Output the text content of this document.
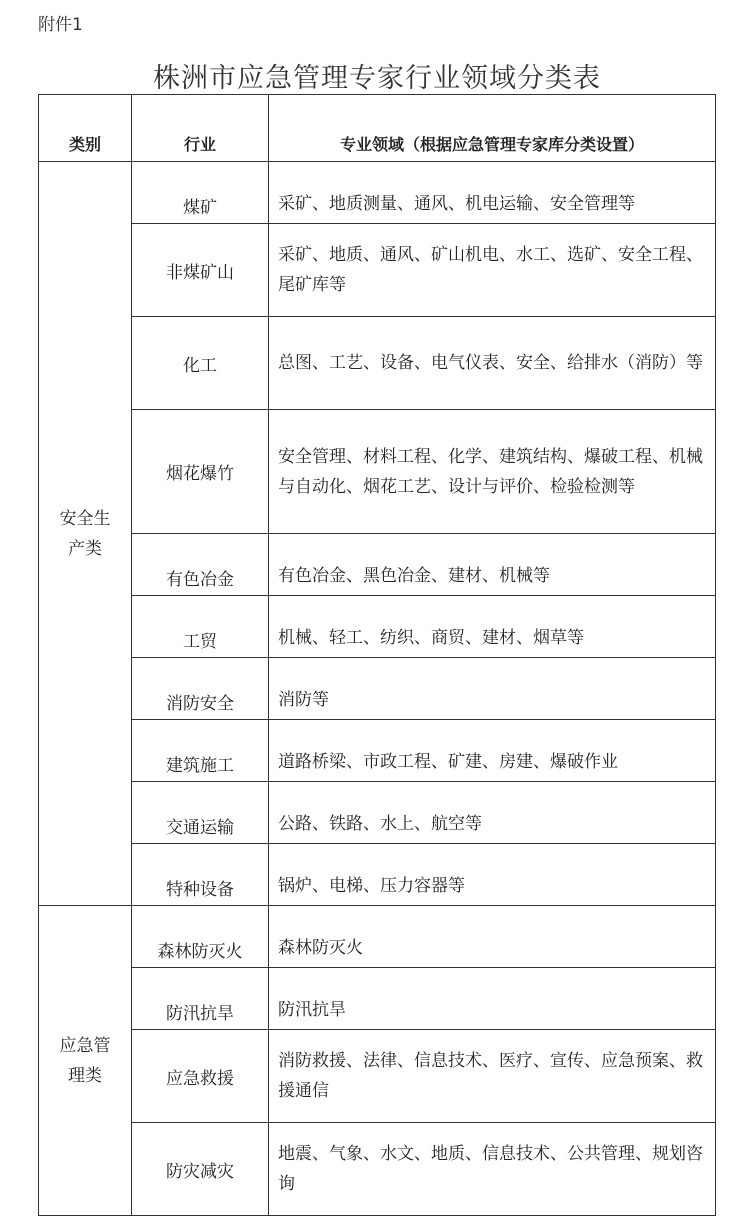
附件1
株洲市应急管理专家行业领域分类表
类别	行业	专业领域（根据应急管理专家库分类设置）

安全生产类	煤矿	采矿、地质测量、通风、机电运输、安全管理等
	非煤矿山	采矿、地质、通风、矿山机电、水工、选矿、安全工程、尾矿库等
	化工	总图、工艺、设备、电气仪表、安全、给排水（消防）等
	烟花爆竹	安全管理、材料工程、化学、建筑结构、爆破工程、机械与自动化、烟花工艺、设计与评价、检验检测等
	有色冶金	有色冶金、黑色冶金、建材、机械等
	工贸	机械、轻工、纺织、商贸、建材、烟草等
	消防安全	消防等
	建筑施工	道路桥梁、市政工程、矿建、房建、爆破作业
	交通运输	公路、铁路、水上、航空等
	特种设备	锅炉、电梯、压力容器等

应急管理类	森林防灭火	森林防灭火
	防汛抗旱	防汛抗旱
	应急救援	消防救援、法律、信息技术、医疗、宣传、应急预案、救援通信
	防灾减灾	地震、气象、水文、地质、信息技术、公共管理、规划咨询
